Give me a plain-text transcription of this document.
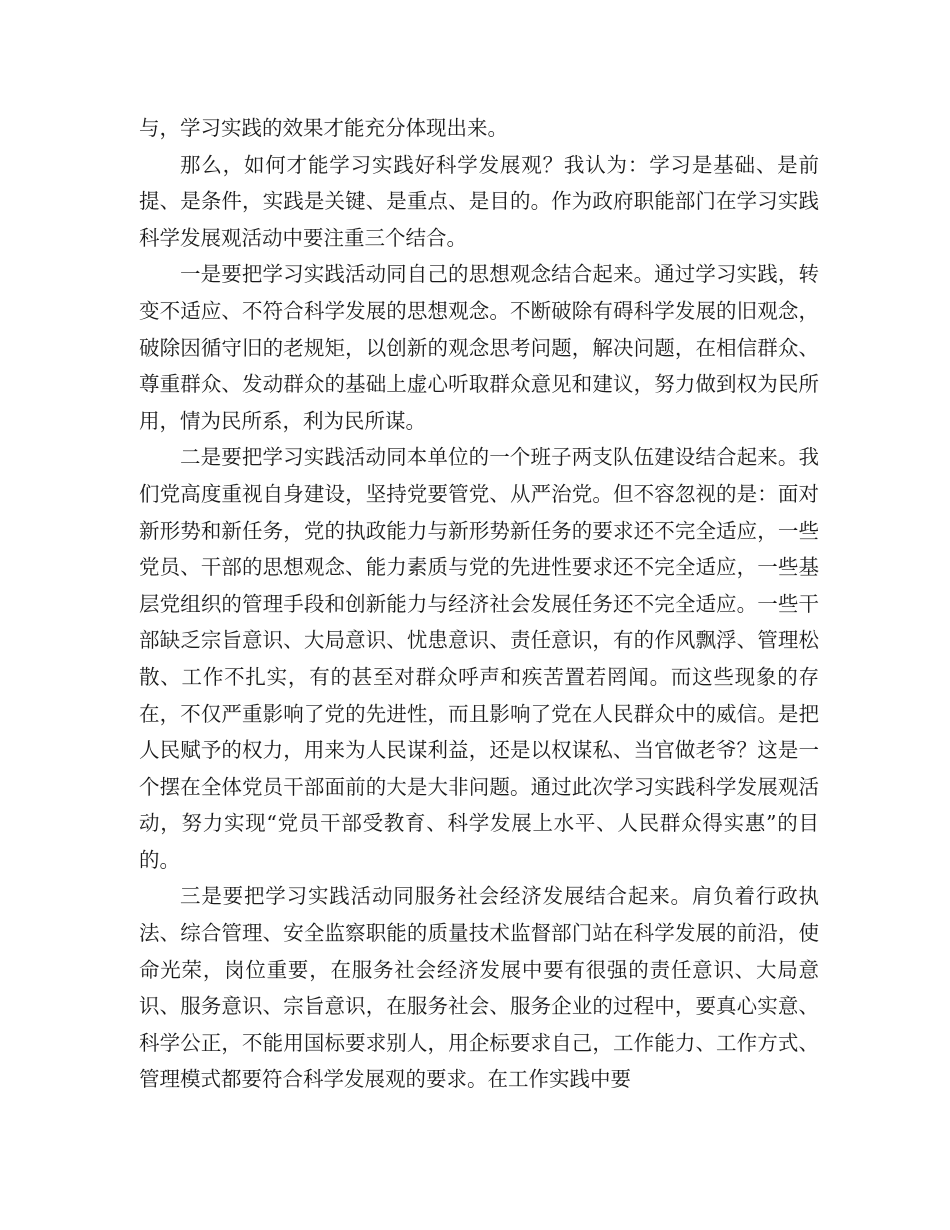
与，学习实践的效果才能充分体现出来。

那么，如何才能学习实践好科学发展观？我认为：学习是基础、是前提、是条件，实践是关键、是重点、是目的。作为政府职能部门在学习实践科学发展观活动中要注重三个结合。

一是要把学习实践活动同自己的思想观念结合起来。通过学习实践，转变不适应、不符合科学发展的思想观念。不断破除有碍科学发展的旧观念，破除因循守旧的老规矩，以创新的观念思考问题，解决问题，在相信群众、尊重群众、发动群众的基础上虚心听取群众意见和建议，努力做到权为民所用，情为民所系，利为民所谋。

二是要把学习实践活动同本单位的一个班子两支队伍建设结合起来。我们党高度重视自身建设，坚持党要管党、从严治党。但不容忽视的是：面对新形势和新任务，党的执政能力与新形势新任务的要求还不完全适应，一些党员、干部的思想观念、能力素质与党的先进性要求还不完全适应，一些基层党组织的管理手段和创新能力与经济社会发展任务还不完全适应。一些干部缺乏宗旨意识、大局意识、忧患意识、责任意识，有的作风飘浮、管理松散、工作不扎实，有的甚至对群众呼声和疾苦置若罔闻。而这些现象的存在，不仅严重影响了党的先进性，而且影响了党在人民群众中的威信。是把人民赋予的权力，用来为人民谋利益，还是以权谋私、当官做老爷？这是一个摆在全体党员干部面前的大是大非问题。通过此次学习实践科学发展观活动，努力实现“党员干部受教育、科学发展上水平、人民群众得实惠”的目的。

三是要把学习实践活动同服务社会经济发展结合起来。肩负着行政执法、综合管理、安全监察职能的质量技术监督部门站在科学发展的前沿，使命光荣，岗位重要，在服务社会经济发展中要有很强的责任意识、大局意识、服务意识、宗旨意识，在服务社会、服务企业的过程中，要真心实意、科学公正，不能用国标要求别人，用企标要求自己，工作能力、工作方式、管理模式都要符合科学发展观的要求。在工作实践中要
